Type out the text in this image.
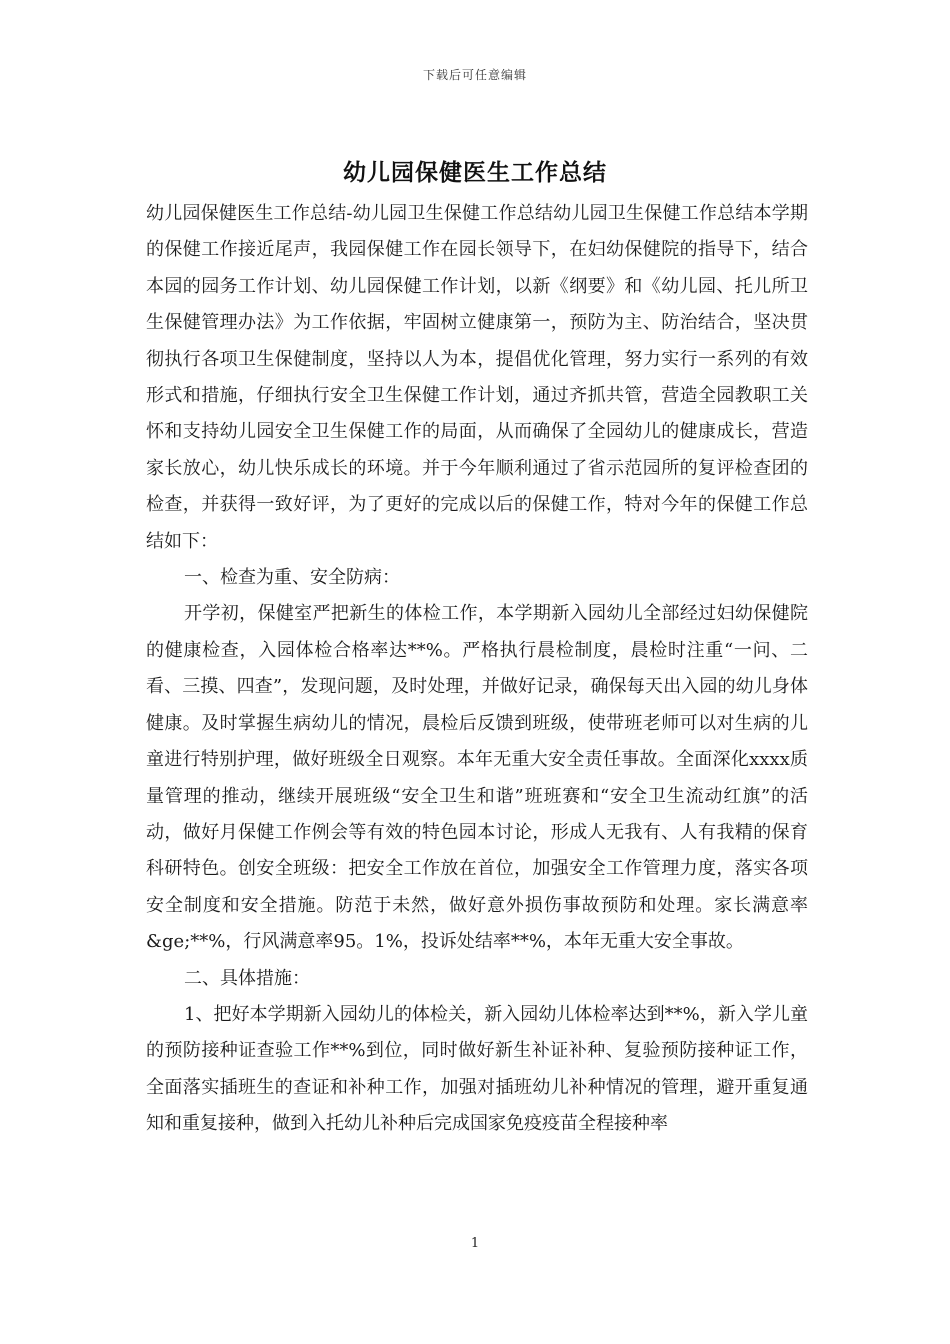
下载后可任意编辑
幼儿园保健医生工作总结

幼儿园保健医生工作总结-幼儿园卫生保健工作总结幼儿园卫生保健工作总结本学期的保健工作接近尾声，我园保健工作在园长领导下，在妇幼保健院的指导下，结合本园的园务工作计划、幼儿园保健工作计划，以新《纲要》和《幼儿园、托儿所卫生保健管理办法》为工作依据，牢固树立健康第一，预防为主、防治结合，坚决贯彻执行各项卫生保健制度，坚持以人为本，提倡优化管理，努力实行一系列的有效形式和措施，仔细执行安全卫生保健工作计划，通过齐抓共管，营造全园教职工关怀和支持幼儿园安全卫生保健工作的局面，从而确保了全园幼儿的健康成长，营造家长放心，幼儿快乐成长的环境。并于今年顺利通过了省示范园所的复评检查团的检查，并获得一致好评，为了更好的完成以后的保健工作，特对今年的保健工作总结如下：

一、检查为重、安全防病：

开学初，保健室严把新生的体检工作，本学期新入园幼儿全部经过妇幼保健院的健康检查，入园体检合格率达**%。严格执行晨检制度，晨检时注重“一问、二看、三摸、四查”，发现问题，及时处理，并做好记录，确保每天出入园的幼儿身体健康。及时掌握生病幼儿的情况，晨检后反馈到班级，使带班老师可以对生病的儿童进行特别护理，做好班级全日观察。本年无重大安全责任事故。全面深化xxxx质量管理的推动，继续开展班级“安全卫生和谐”班班赛和“安全卫生流动红旗”的活动，做好月保健工作例会等有效的特色园本讨论，形成人无我有、人有我精的保育科研特色。创安全班级：把安全工作放在首位，加强安全工作管理力度，落实各项安全制度和安全措施。防范于未然，做好意外损伤事故预防和处理。家长满意率&ge;**%，行风满意率95。1%，投诉处结率**%，本年无重大安全事故。

二、具体措施：

1、把好本学期新入园幼儿的体检关，新入园幼儿体检率达到**%，新入学儿童的预防接种证查验工作**%到位，同时做好新生补证补种、复验预防接种证工作，全面落实插班生的查证和补种工作，加强对插班幼儿补种情况的管理，避开重复通知和重复接种，做到入托幼儿补种后完成国家免疫疫苗全程接种率

1
